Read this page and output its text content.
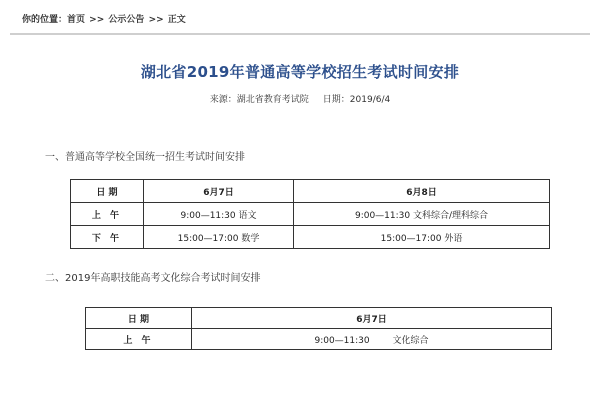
你的位置：首页 >> 公示公告 >> 正文
湖北省2019年普通高等学校招生考试时间安排
来源：湖北省教育考试院 日期：2019/6/4
一、普通高等学校全国统一招生考试时间安排
日 期	6月7日	6月8日
上 午	9:00—11:30 语文	9:00—11:30 文科综合/理科综合
下 午	15:00—17:00 数学	15:00—17:00 外语
二、2019年高职技能高考文化综合考试时间安排
日 期	6月7日
上 午	9:00—11:30        文化综合
